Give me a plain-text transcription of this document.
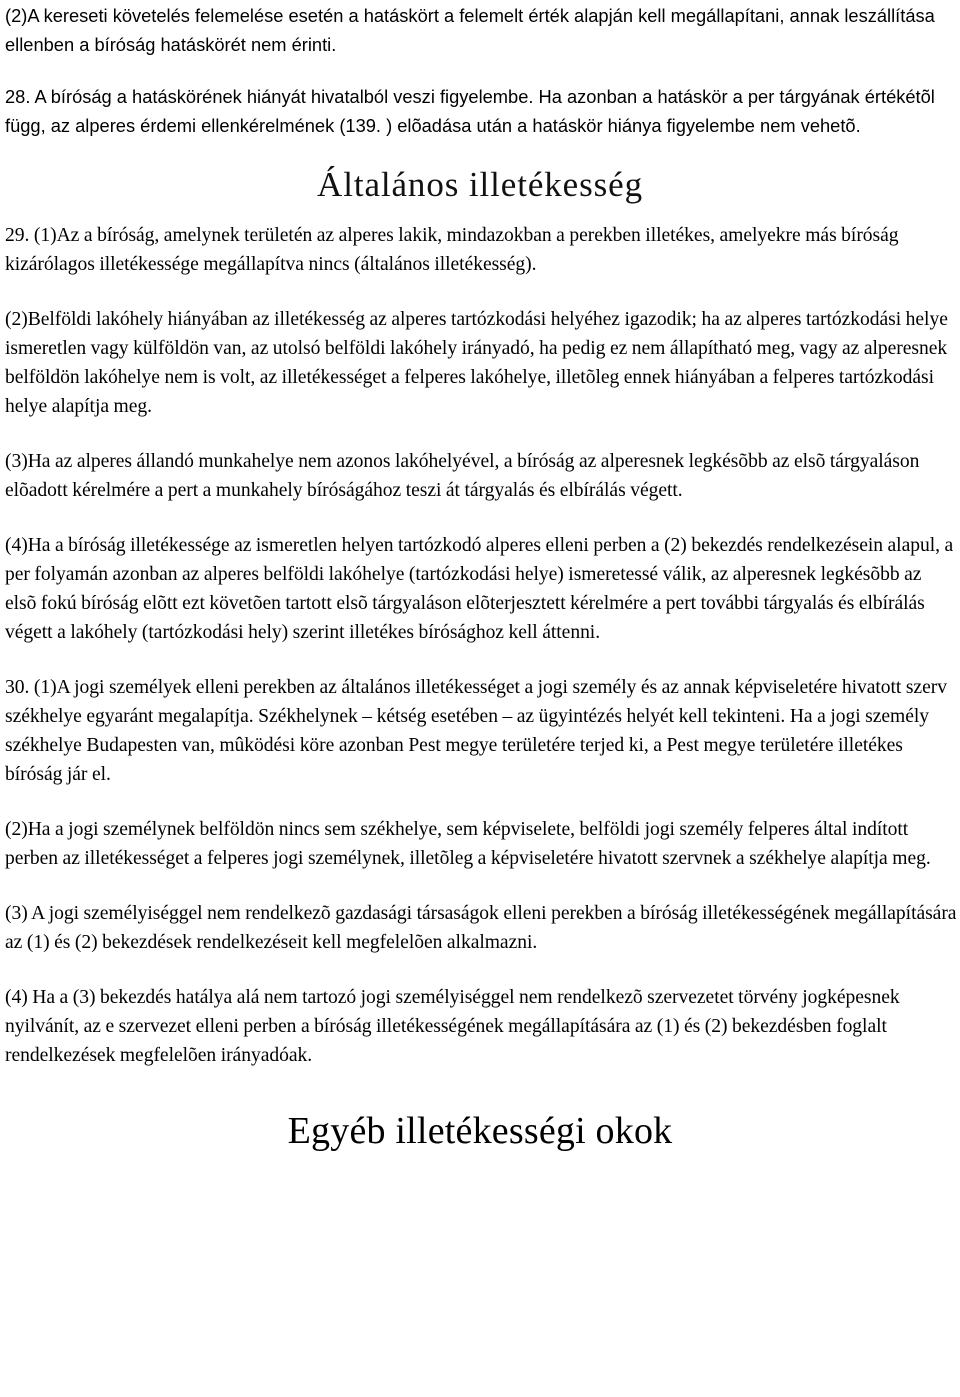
(2)A kereseti követelés felemelése esetén a hatáskört a felemelt érték alapján kell megállapítani, annak leszállítása ellenben a bíróság hatáskörét nem érinti.

28. A bíróság a hatáskörének hiányát hivatalból veszi figyelembe. Ha azonban a hatáskör a per tárgyának értékétõl függ, az alperes érdemi ellenkérelmének (139. ) elõadása után a hatáskör hiánya figyelembe nem vehetõ.

Általános illetékesség

29. (1)Az a bíróság, amelynek területén az alperes lakik, mindazokban a perekben illetékes, amelyekre más bíróság kizárólagos illetékessége megállapítva nincs (általános illetékesség).

(2)Belföldi lakóhely hiányában az illetékesség az alperes tartózkodási helyéhez igazodik; ha az alperes tartózkodási helye ismeretlen vagy külföldön van, az utolsó belföldi lakóhely irányadó, ha pedig ez nem állapítható meg, vagy az alperesnek belföldön lakóhelye nem is volt, az illetékességet a felperes lakóhelye, illetõleg ennek hiányában a felperes tartózkodási helye alapítja meg.

(3)Ha az alperes állandó munkahelye nem azonos lakóhelyével, a bíróság az alperesnek legkésõbb az elsõ tárgyaláson elõadott kérelmére a pert a munkahely bíróságához teszi át tárgyalás és elbírálás végett.

(4)Ha a bíróság illetékessége az ismeretlen helyen tartózkodó alperes elleni perben a (2) bekezdés rendelkezésein alapul, a per folyamán azonban az alperes belföldi lakóhelye (tartózkodási helye) ismeretessé válik, az alperesnek legkésõbb az elsõ fokú bíróság elõtt ezt követõen tartott elsõ tárgyaláson elõterjesztett kérelmére a pert további tárgyalás és elbírálás végett a lakóhely (tartózkodási hely) szerint illetékes bírósághoz kell áttenni.

30. (1)A jogi személyek elleni perekben az általános illetékességet a jogi személy és az annak képviseletére hivatott szerv székhelye egyaránt megalapítja. Székhelynek – kétség esetében – az ügyintézés helyét kell tekinteni. Ha a jogi személy székhelye Budapesten van, mûködési köre azonban Pest megye területére terjed ki, a Pest megye területére illetékes bíróság jár el.

(2)Ha a jogi személynek belföldön nincs sem székhelye, sem képviselete, belföldi jogi személy felperes által indított perben az illetékességet a felperes jogi személynek, illetõleg a képviseletére hivatott szervnek a székhelye alapítja meg.

(3) A jogi személyiséggel nem rendelkezõ gazdasági társaságok elleni perekben a bíróság illetékességének megállapítására az (1) és (2) bekezdések rendelkezéseit kell megfelelõen alkalmazni.

(4) Ha a (3) bekezdés hatálya alá nem tartozó jogi személyiséggel nem rendelkezõ szervezetet törvény jogképesnek nyilvánít, az e szervezet elleni perben a bíróság illetékességének megállapítására az (1) és (2) bekezdésben foglalt rendelkezések megfelelõen irányadóak.

Egyéb illetékességi okok
